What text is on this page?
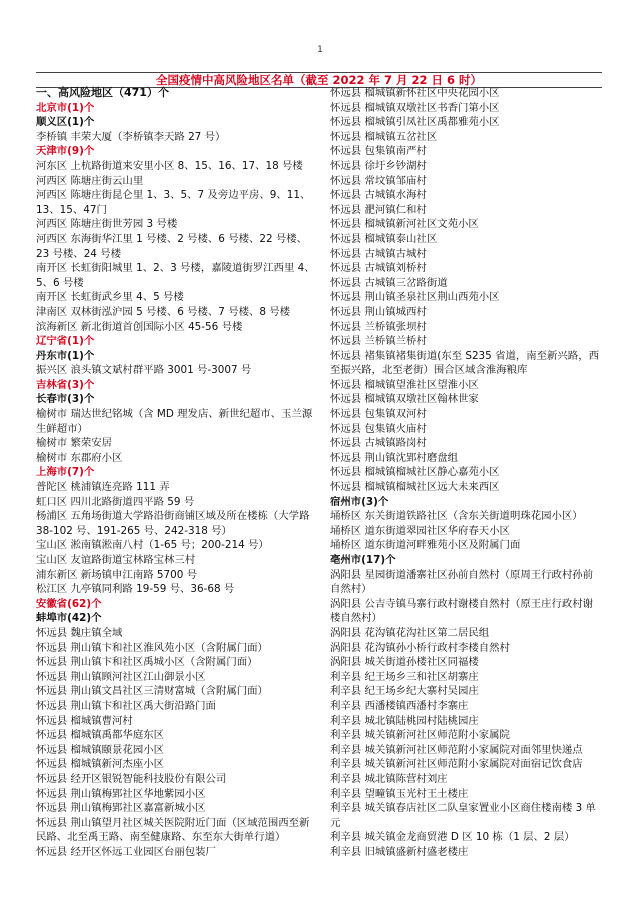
1
全国疫情中高风险地区名单（截至 2022 年 7 月 22 日 6 时）
一、高风险地区（471）个
北京市(1)个
顺义区(1)个
李桥镇 丰荣大厦（李桥镇李天路 27 号）
天津市(9)个
河东区 上杭路街道来安里小区 8、15、16、17、18 号楼
河西区 陈塘庄街云山里
河西区 陈塘庄街昆仑里 1、3、5、7 及旁边平房、9、11、13、15、47门
河西区 陈塘庄街世芳园 3 号楼
河西区 东海街华江里 1 号楼、2 号楼、6 号楼、22 号楼、23 号楼、24 号楼
南开区 长虹街阳城里 1、2、3 号楼，嘉陵道街罗江西里 4、5、6 号楼
南开区 长虹街武乡里 4、5 号楼
津南区 双林街泓沪园 5 号楼、6 号楼、7 号楼、8 号楼
滨海新区 新北街道首创国际小区 45-56 号楼
辽宁省(1)个
丹东市(1)个
振兴区 浪头镇文斌村群平路 3001 号-3007 号
吉林省(3)个
长春市(3)个
榆树市 瑞达世纪铭城（含 MD 理发店、新世纪超市、玉兰源生鲜超市）
榆树市 繁荣安居
榆树市 东郡府小区
上海市(7)个
普陀区 桃浦镇连亮路 111 弄
虹口区 四川北路街道四平路 59 号
杨浦区 五角场街道大学路沿街商铺区域及所在楼栋（大学路 38-102 号、191-265 号、242-318 号）
宝山区 淞南镇淞南八村（1-65 号；200-214 号）
宝山区 友谊路街道宝林路宝林三村
浦东新区 新场镇申江南路 5700 号
松江区 九亭镇同利路 19-59 号、36-68 号
安徽省(62)个
蚌埠市(42)个
怀远县 魏庄镇全域
怀远县 荆山镇卞和社区淮风苑小区（含附属门面）
怀远县 荆山镇卞和社区禹城小区（含附属门面）
怀远县 荆山镇顾河社区江山御景小区
怀远县 荆山镇文昌社区三清财富城（含附属门面）
怀远县 荆山镇卞和社区禹大街沿路门面
怀远县 榴城镇曹河村
怀远县 榴城镇禹都华庭东区
怀远县 榴城镇颐景花园小区
怀远县 榴城镇新河杰座小区
怀远县 经开区银锐智能科技股份有限公司
怀远县 荆山镇梅郢社区华地紫园小区
怀远县 荆山镇梅郢社区嘉富新城小区
怀远县 荆山镇望月社区城关医院附近门面（区域范围西至新民路、北至禹王路、南至健康路、东至东大街单行道）
怀远县 经开区怀远工业园区台丽包装厂
怀远县 榴城镇新怀社区中央花园小区
怀远县 榴城镇双墩社区书香门第小区
怀远县 榴城镇引凤社区禹都雅苑小区
怀远县 榴城镇五岔社区
怀远县 包集镇南严村
怀远县 徐圩乡钞湖村
怀远县 常坟镇邹庙村
怀远县 古城镇水海村
怀远县 淝河镇仁和村
怀远县 榴城镇新河社区文苑小区
怀远县 榴城镇泰山社区
怀远县 古城镇古城村
怀远县 古城镇刘桥村
怀远县 古城镇三岔路街道
怀远县 荆山镇圣泉社区荆山西苑小区
怀远县 荆山镇城西村
怀远县 兰桥镇张坝村
怀远县 兰桥镇兰桥村
怀远县 褚集镇褚集街道(东至 S235 省道，南至新兴路，西至振兴路，北至老街）围合区域含淮海粮库
怀远县 榴城镇望淮社区望淮小区
怀远县 榴城镇双墩社区翰林世家
怀远县 包集镇双河村
怀远县 包集镇火庙村
怀远县 古城镇路岗村
怀远县 荆山镇沈郢村磨盘组
怀远县 榴城镇榴城社区静心嘉苑小区
怀远县 榴城镇榴城社区远大未来西区
宿州市(3)个
埇桥区 东关街道铁路社区（含东关街道明珠花园小区）
埇桥区 道东街道翠园社区华府春天小区
埇桥区 道东街道河畔雅苑小区及附属门面
亳州市(17)个
涡阳县 星园街道潘寨社区孙前自然村（原周王行政村孙前自然村）
涡阳县 公吉寺镇马寨行政村谢楼自然村（原王庄行政村谢楼自然村）
涡阳县 花沟镇花沟社区第二居民组
涡阳县 花沟镇孙小桥行政村李楼自然村
涡阳县 城关街道孙楼社区同福楼
利辛县 纪王场乡三和社区胡寨庄
利辛县 纪王场乡纪大寨村吴园庄
利辛县 西潘楼镇西潘村李寨庄
利辛县 城北镇陆桃园村陆桃园庄
利辛县 城关镇新河社区师范附小家属院
利辛县 城关镇新河社区师范附小家属院对面邻里快递点
利辛县 城关镇新河社区师范附小家属院对面宿记饮食店
利辛县 城北镇陈营村刘庄
利辛县 望疃镇玉光村王土楼庄
利辛县 城关镇春店社区二队皇家置业小区商住楼南楼 3 单元
利辛县 城关镇金龙商贸港 D 区 10 栋（1 层、2 层）
利辛县 旧城镇盛新村盛老楼庄
